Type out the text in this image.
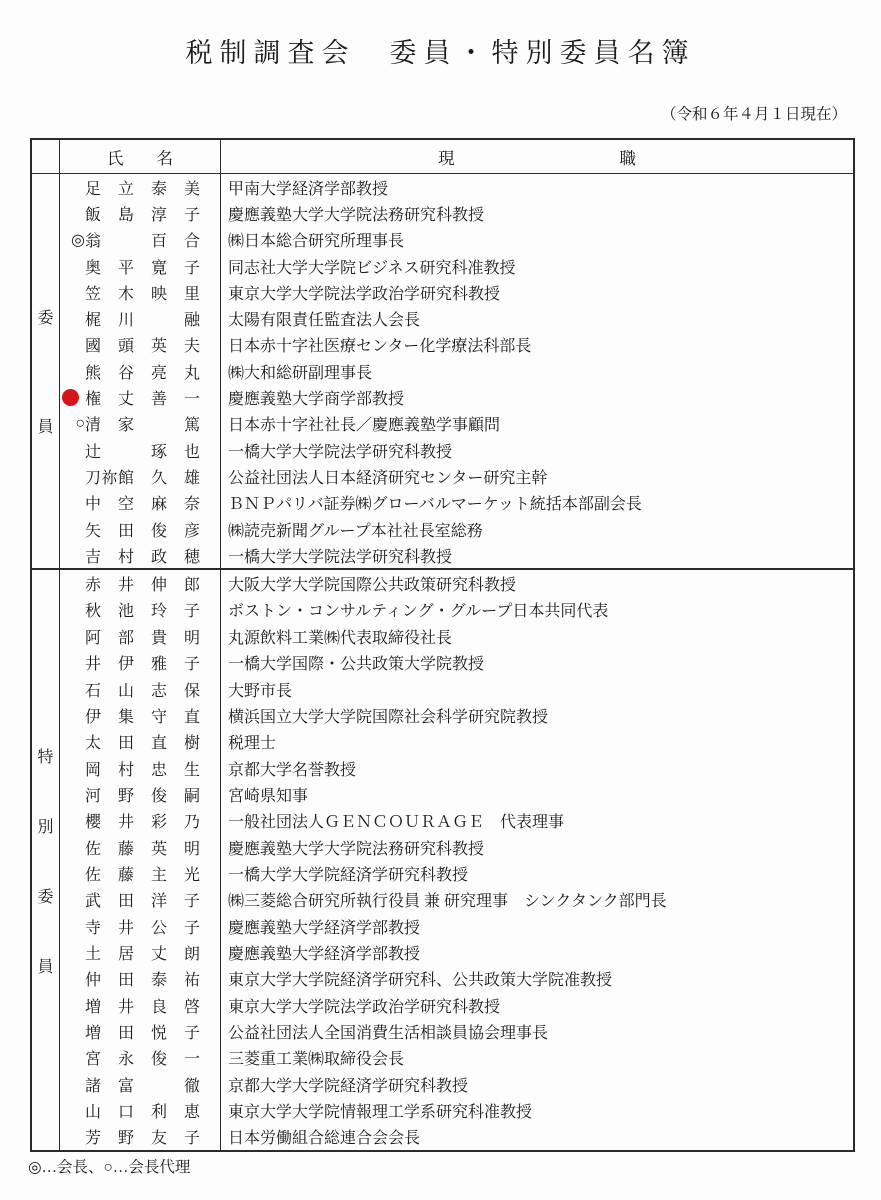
税制調査会　委員・特別委員名簿
（令和６年４月１日現在）
氏　　名	現　　　　　　　　　　職
委
員
足　立　泰　美	甲南大学経済学部教授
飯　島　淳　子	慶應義塾大学大学院法務研究科教授
◎ 翁　　　百　合	㈱日本総合研究所理事長
奥　平　寛　子	同志社大学大学院ビジネス研究科准教授
笠　木　映　里	東京大学大学院法学政治学研究科教授
梶　川　　　融	太陽有限責任監査法人会長
國　頭　英　夫	日本赤十字社医療センター化学療法科部長
熊　谷　亮　丸	㈱大和総研副理事長
権　丈　善　一	慶應義塾大学商学部教授
○ 清　家　　　篤	日本赤十字社社長／慶應義塾学事顧問
辻　　　琢　也	一橋大学大学院法学研究科教授
刀祢館　久　雄	公益社団法人日本経済研究センター研究主幹
中　空　麻　奈	ＢＮＰパリバ証券㈱グローバルマーケット統括本部副会長
矢　田　俊　彦	㈱読売新聞グループ本社社長室総務
吉　村　政　穂	一橋大学大学院法学研究科教授
特
別
委
員
赤　井　伸　郎	大阪大学大学院国際公共政策研究科教授
秋　池　玲　子	ボストン・コンサルティング・グループ日本共同代表
阿　部　貴　明	丸源飲料工業㈱代表取締役社長
井　伊　雅　子	一橋大学国際・公共政策大学院教授
石　山　志　保	大野市長
伊　集　守　直	横浜国立大学大学院国際社会科学研究院教授
太　田　直　樹	税理士
岡　村　忠　生	京都大学名誉教授
河　野　俊　嗣	宮崎県知事
櫻　井　彩　乃	一般社団法人ＧＥＮＣＯＵＲＡＧＥ　代表理事
佐　藤　英　明	慶應義塾大学大学院法務研究科教授
佐　藤　主　光	一橋大学大学院経済学研究科教授
武　田　洋　子	㈱三菱総合研究所執行役員 兼 研究理事　シンクタンク部門長
寺　井　公　子	慶應義塾大学経済学部教授
土　居　丈　朗	慶應義塾大学経済学部教授
仲　田　泰　祐	東京大学大学院経済学研究科、公共政策大学院准教授
増　井　良　啓	東京大学大学院法学政治学研究科教授
増　田　悦　子	公益社団法人全国消費生活相談員協会理事長
宮　永　俊　一	三菱重工業㈱取締役会長
諸　富　　　徹	京都大学大学院経済学研究科教授
山　口　利　恵	東京大学大学院情報理工学系研究科准教授
芳　野　友　子	日本労働組合総連合会会長
◎…会長、○…会長代理
